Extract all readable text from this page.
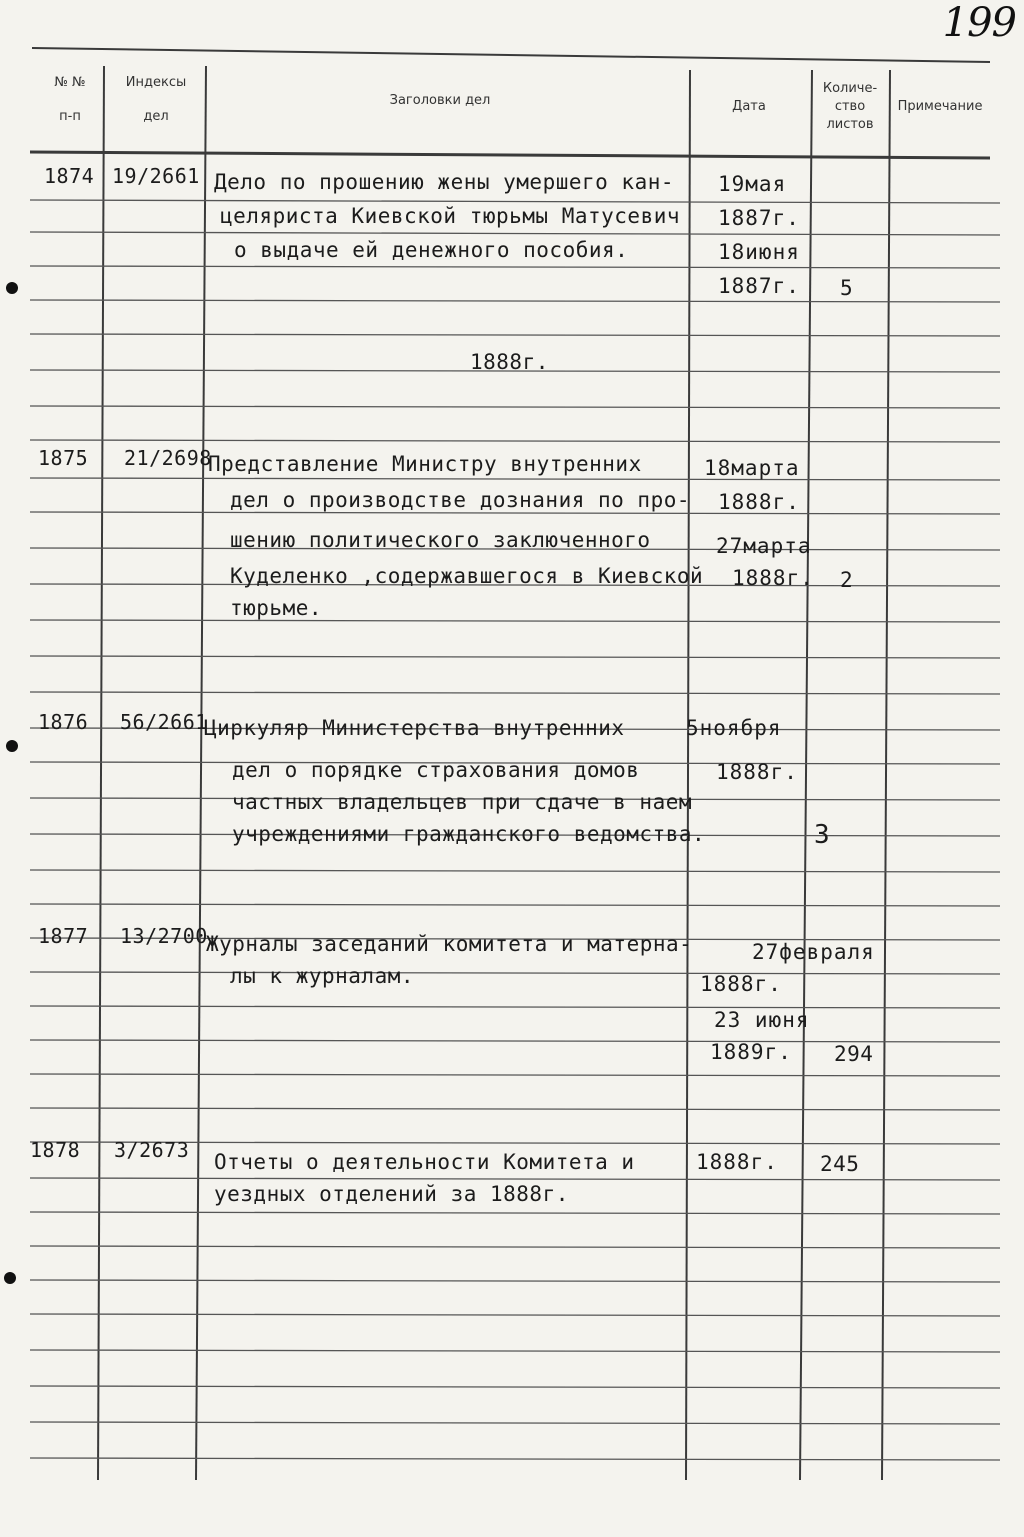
199
№ №
п-п
Индексы
дел
Заголовки дел	Дата
Количе-
ство
листов
Примечание
1874 19/2661 Дело по прошению жены умершего кан-
целяриста Киевской тюрьмы Матусевич
о выдаче ей денежного пособия.
19мая
1887г.
18июня
1887г. 5
1888г.
1875 21/2698
Представление Министру внутренних
дел о производстве дознания по про-
шению политического заключенного
Куделенко ,содержавшегося в Киевской
тюрьме.
18марта
1888г.
27марта
1888г. 2
1876 56/2661
Циркуляр Министерства внутренних
дел о порядке страхования домов
частных владельцев при сдаче в наем
учреждениями гражданского ведомства.
5ноября
1888г.
3
1877 13/2700
Журналы заседаний комитета и матерна-
лы к журналам.
27февраля
1888г.
23 июня
1889г. 294
1878 3/2673 Отчеты о деятельности Комитета и
уездных отделений за 1888г.
1888г. 245
